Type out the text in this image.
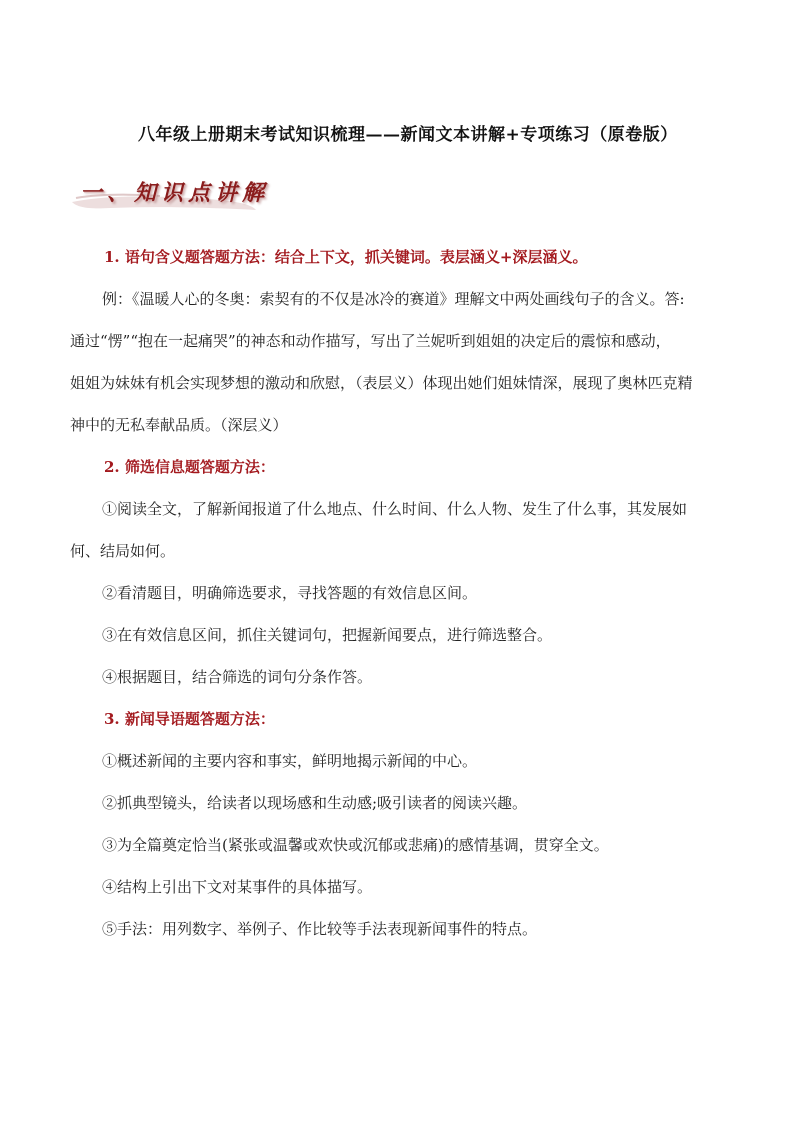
八年级上册期末考试知识梳理——新闻文本讲解+专项练习（原卷版）
一、知识点讲解
1. 语句含义题答题方法：结合上下文，抓关键词。表层涵义+深层涵义。
例：《温暖人心的冬奥：索契有的不仅是冰冷的赛道》理解文中两处画线句子的含义。答:
通过“愣”“抱在一起痛哭”的神态和动作描写，写出了兰妮听到姐姐的决定后的震惊和感动，
姐姐为妹妹有机会实现梦想的激动和欣慰，（表层义）体现出她们姐妹情深，展现了奥林匹克精
神中的无私奉献品质。（深层义）
2. 筛选信息题答题方法：
①阅读全文，了解新闻报道了什么地点、什么时间、什么人物、发生了什么事，其发展如
何、结局如何。
②看清题目，明确筛选要求，寻找答题的有效信息区间。
③在有效信息区间，抓住关键词句，把握新闻要点，进行筛选整合。
④根据题目，结合筛选的词句分条作答。
3. 新闻导语题答题方法：
①概述新闻的主要内容和事实，鲜明地揭示新闻的中心。
②抓典型镜头，给读者以现场感和生动感;吸引读者的阅读兴趣。
③为全篇奠定恰当(紧张或温馨或欢快或沉郁或悲痛)的感情基调，贯穿全文。
④结构上引出下文对某事件的具体描写。
⑤手法：用列数字、举例子、作比较等手法表现新闻事件的特点。
